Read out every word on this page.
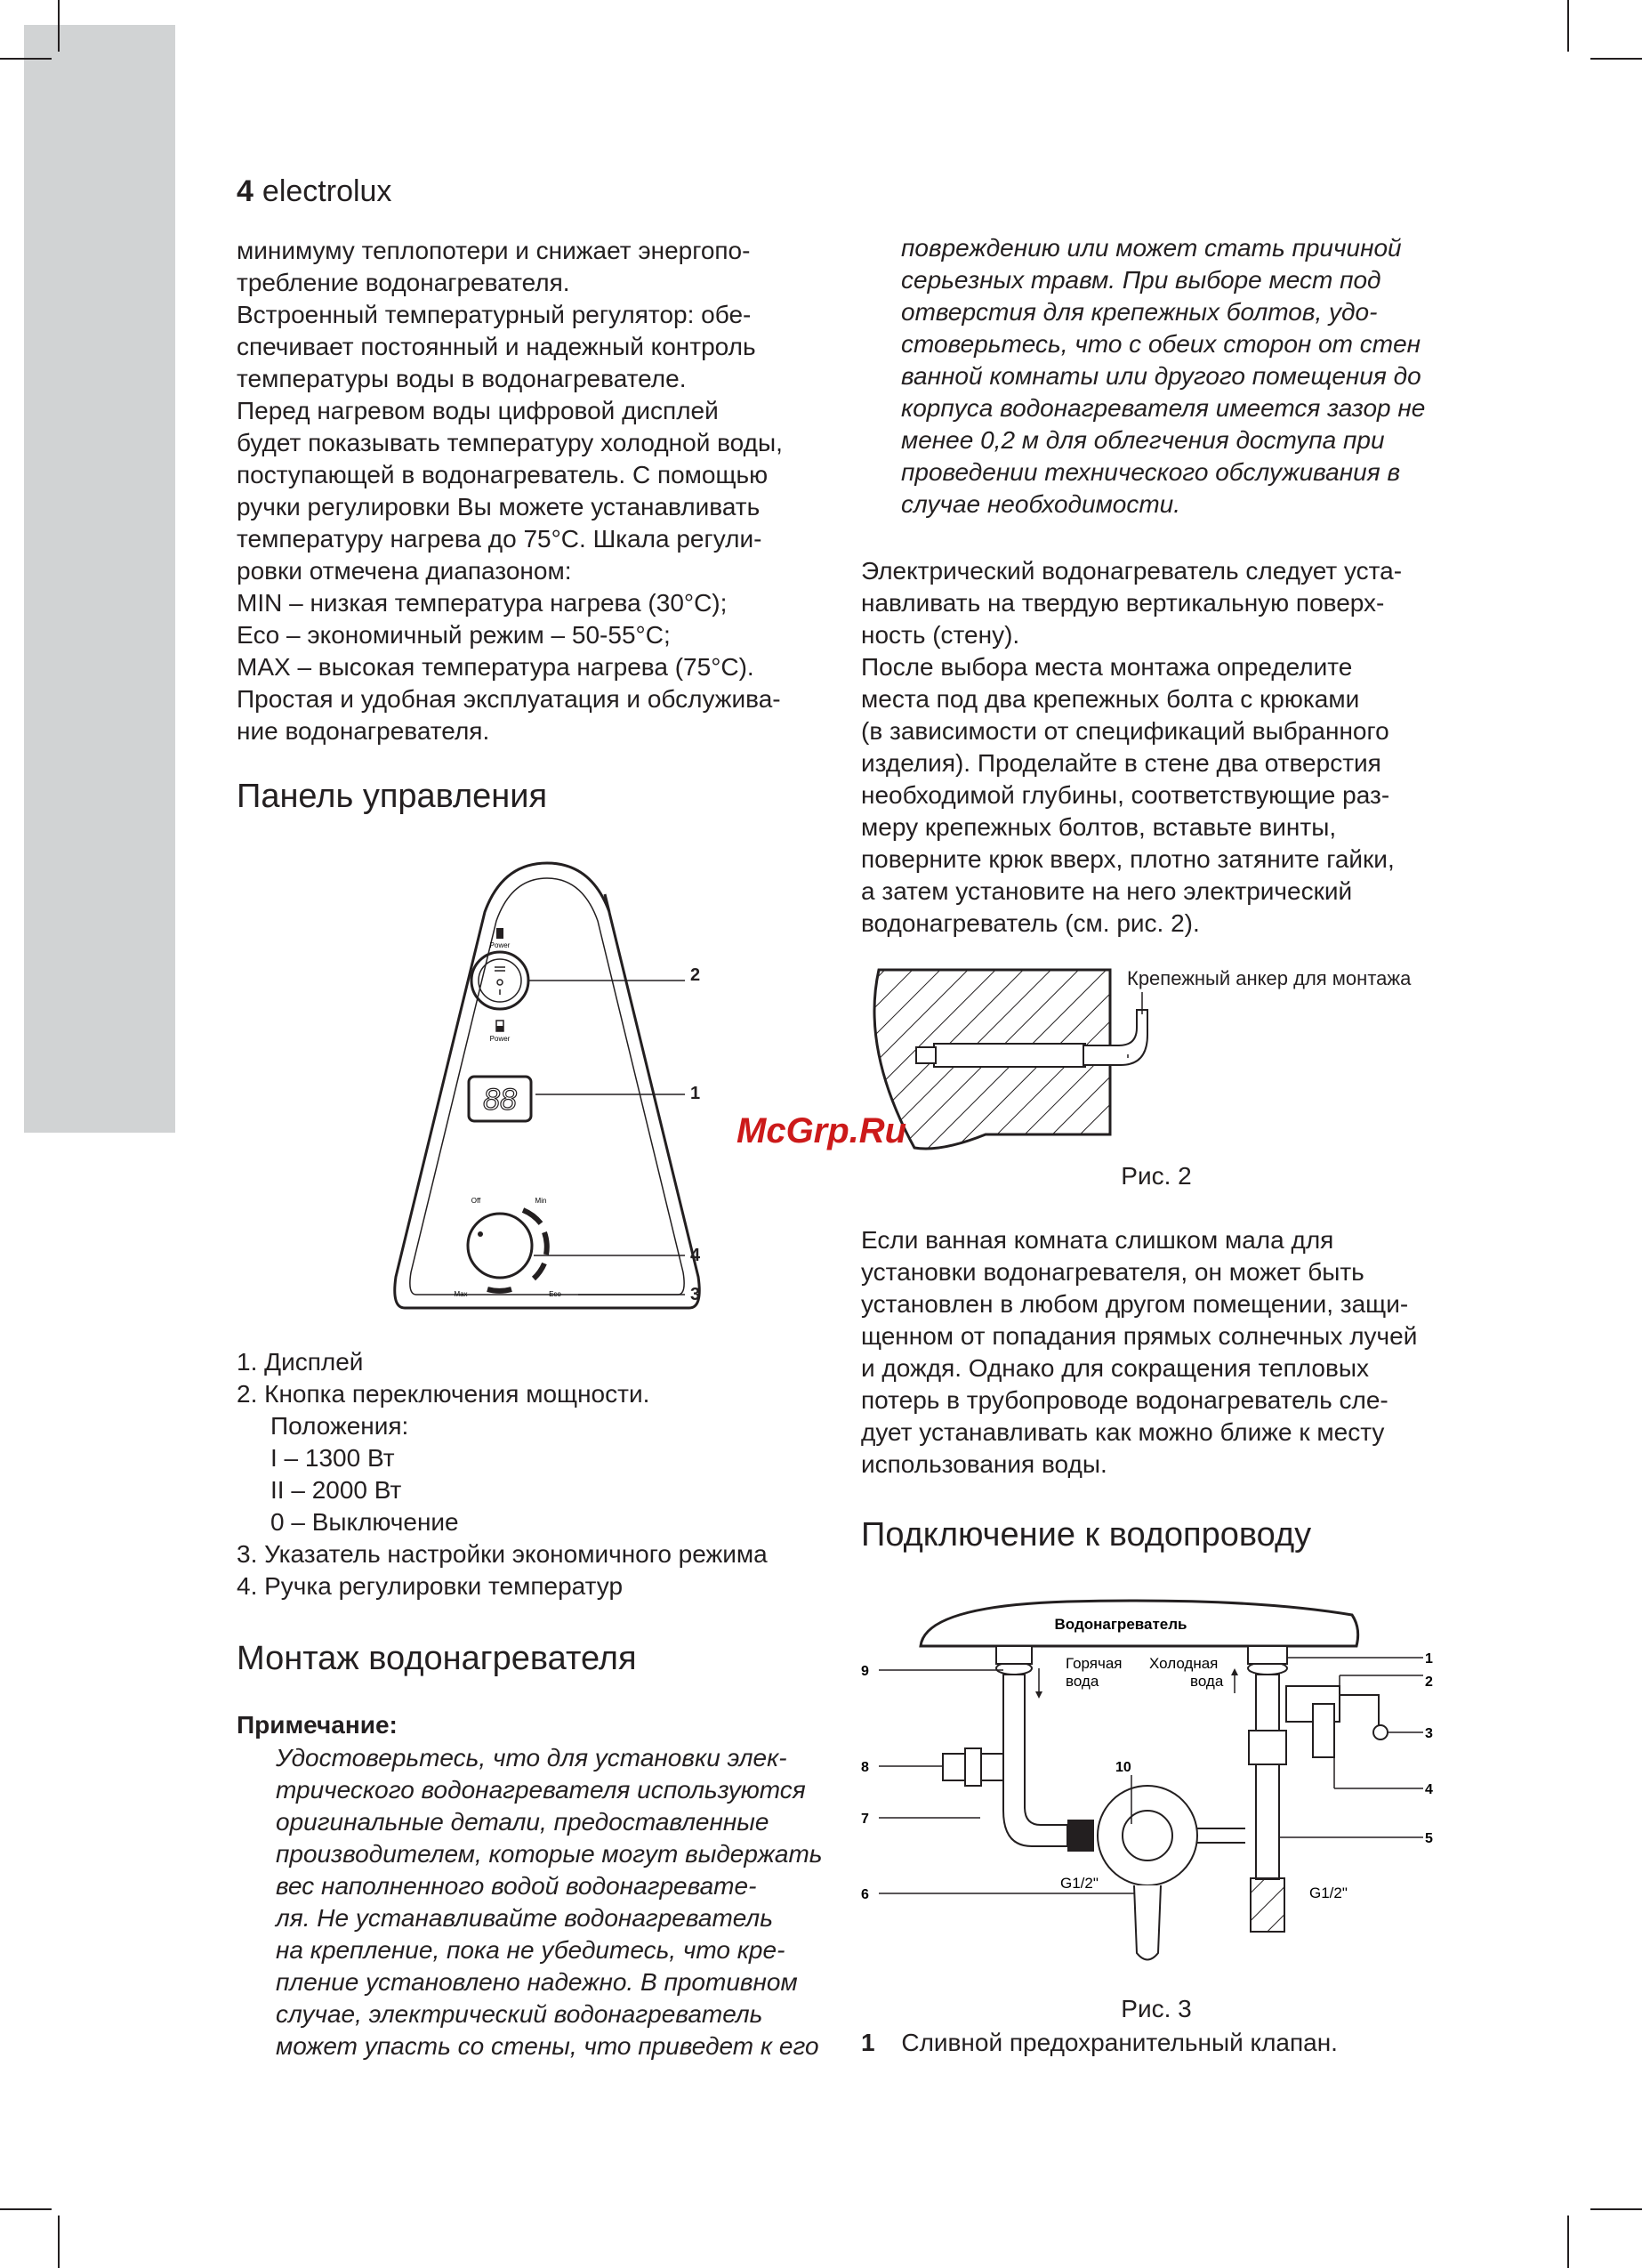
4 electrolux

минимуму теплопотери и снижает энергопо-

требление водонагревателя.

Встроенный температурный регулятор: обе-

спечивает постоянный и надежный контроль

температуры воды в водонагревателе.

Перед нагревом воды цифровой дисплей

будет показывать температуру холодной воды,

поступающей в водонагреватель. С помощью

ручки регулировки Вы можете устанавливать

температуру нагрева до 75°C. Шкала регули-

ровки отмечена диапазоном:

MIN – низкая температура нагрева (30°C);

Eco – экономичный режим – 50-55°C;

MAX – высокая температура нагрева (75°C).

Простая и удобная эксплуатация и обслужива-

ние водонагревателя.

Панель управления
Power
Power
88
Off	Min
Max	Eco
2
1
4
3
1. Дисплей
2. Кнопка переключения мощности.
Положения:
I – 1300 Вт
II – 2000 Вт
0 – Выключение
3. Указатель настройки экономичного режима
4. Ручка регулировки температур
Монтаж водонагревателя
Примечание:

Удостоверьтесь, что для установки элек-

трического водонагревателя используются

оригинальные детали, предоставленные

производителем, которые могут выдержать

вес наполненного водой водонагревате-

ля. Не устанавливайте водонагреватель

на крепление, пока не убедитесь, что кре-

пление установлено надежно. В противном

случае, электрический водонагреватель

может упасть со стены, что приведет к его

повреждению или может стать причиной

серьезных травм. При выборе мест под

отверстия для крепежных болтов, удо-

стоверьтесь, что с обеих сторон от стен

ванной комнаты или другого помещения до

корпуса водонагревателя имеется зазор не

менее 0,2 м для облегчения доступа при

проведении технического обслуживания в

случае необходимости.

Электрический водонагреватель следует уста-

навливать на твердую вертикальную поверх-

ность (стену).

После выбора места монтажа определите

места под два крепежных болта с крюками

(в зависимости от спецификаций выбранного

изделия). Проделайте в стене два отверстия

необходимой глубины, соответствующие раз-

меру крепежных болтов, вставьте винты,

поверните крюк вверх, плотно затяните гайки,

а затем установите на него электрический

водонагреватель (см. рис. 2).

Крепежный анкер для монтажа
Рис. 2

Если ванная комната слишком мала для

установки водонагревателя, он может быть

установлен в любом другом помещении, защи-

щенном от попадания прямых солнечных лучей

и дождя. Однако для сокращения тепловых

потерь в трубопроводе водонагреватель сле-

дует устанавливать как можно ближе к месту

использования воды.

Подключение к водопроводу
Водонагреватель
Горячая
вода
Холодная
вода
G1/2"
G1/2"
9
8
7
6
10
1
2
3
4
5
Рис. 3
1 Сливной предохранительный клапан.
McGrp.Ru
